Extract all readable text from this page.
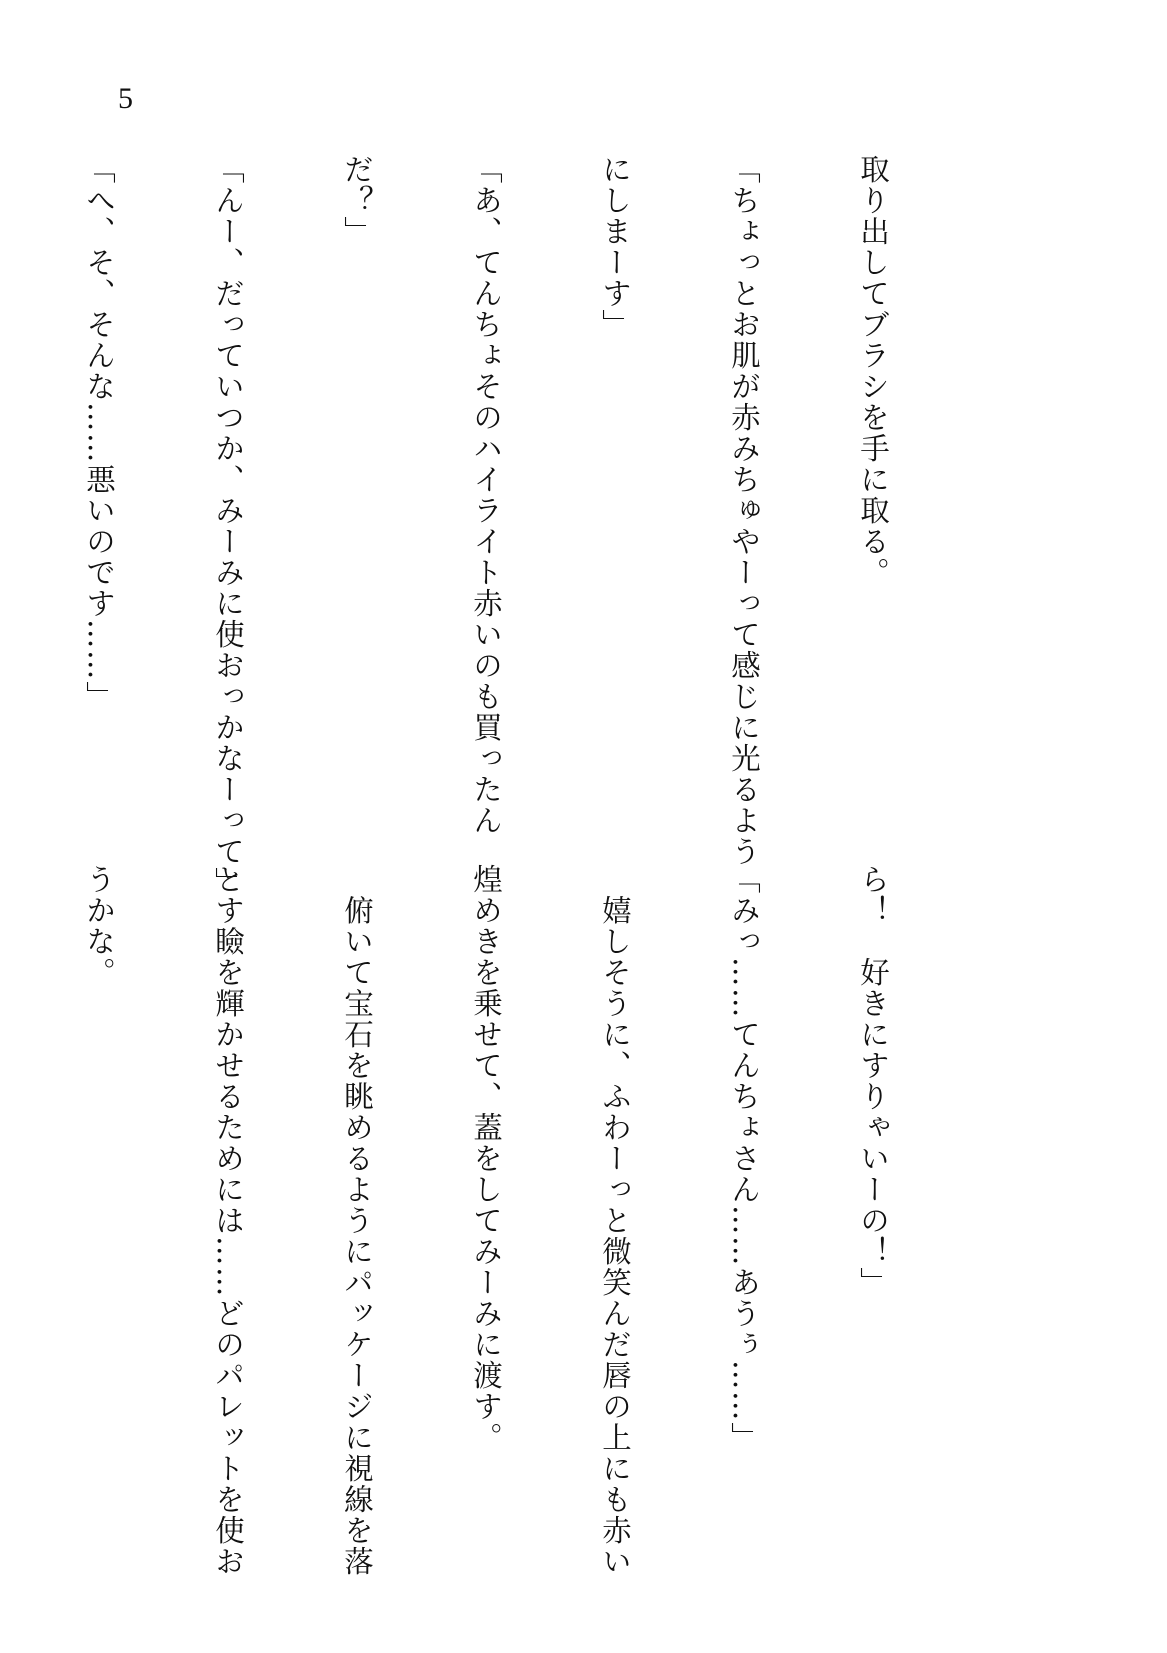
5

取り出してブラシを手に取る。

「ちょっとお肌が赤みちゅやーって感じに光るよう

にしまーす」

「あ、てんちょそのハイライト赤いのも買ったん

だ？」

「んー、だっていつか、みーみに使おっかなーって」

「へ、そ、そんな……悪いのです……」

ら！　好きにすりゃいーの！」

「みっ……てんちょさん……あうぅ……」

　嬉しそうに、ふわーっと微笑んだ唇の上にも赤い

煌めきを乗せて、蓋をしてみーみに渡す。

　俯いて宝石を眺めるようにパッケージに視線を落

とす瞼を輝かせるためには……どのパレットを使お

うかな。
